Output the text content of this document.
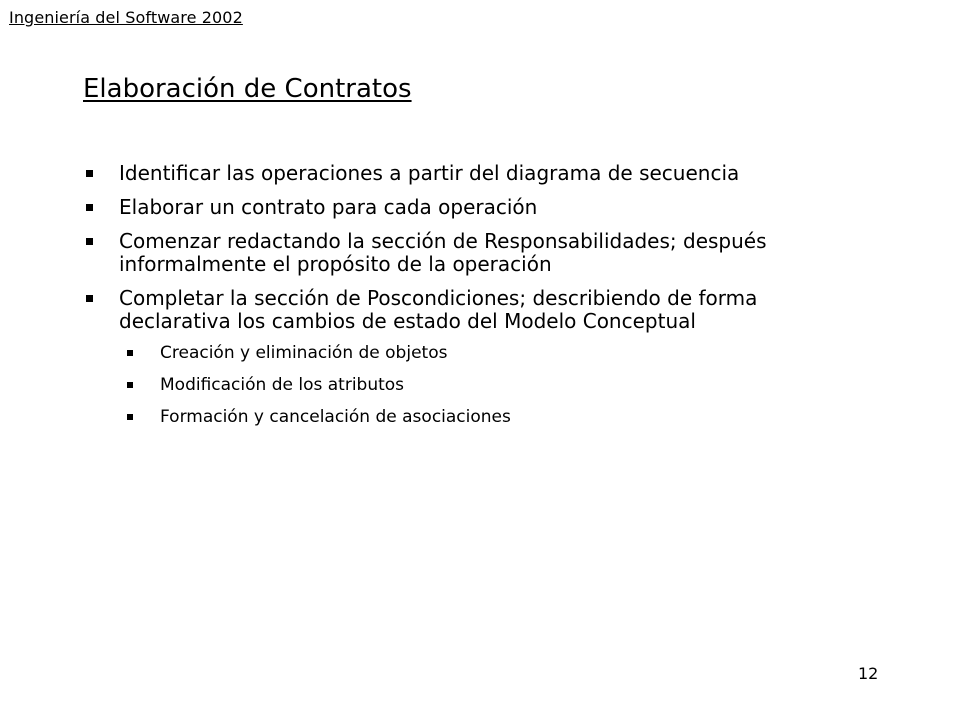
Ingeniería del Software 2002
Elaboración de Contratos
Identificar las operaciones a partir del diagrama de secuencia
Elaborar un contrato para cada operación
Comenzar redactando la sección de Responsabilidades; después informalmente el propósito de la operación
Completar la sección de Poscondiciones; describiendo de forma declarativa los cambios de estado del Modelo Conceptual
Creación y eliminación de objetos
Modificación de los atributos
Formación y cancelación de asociaciones
12
